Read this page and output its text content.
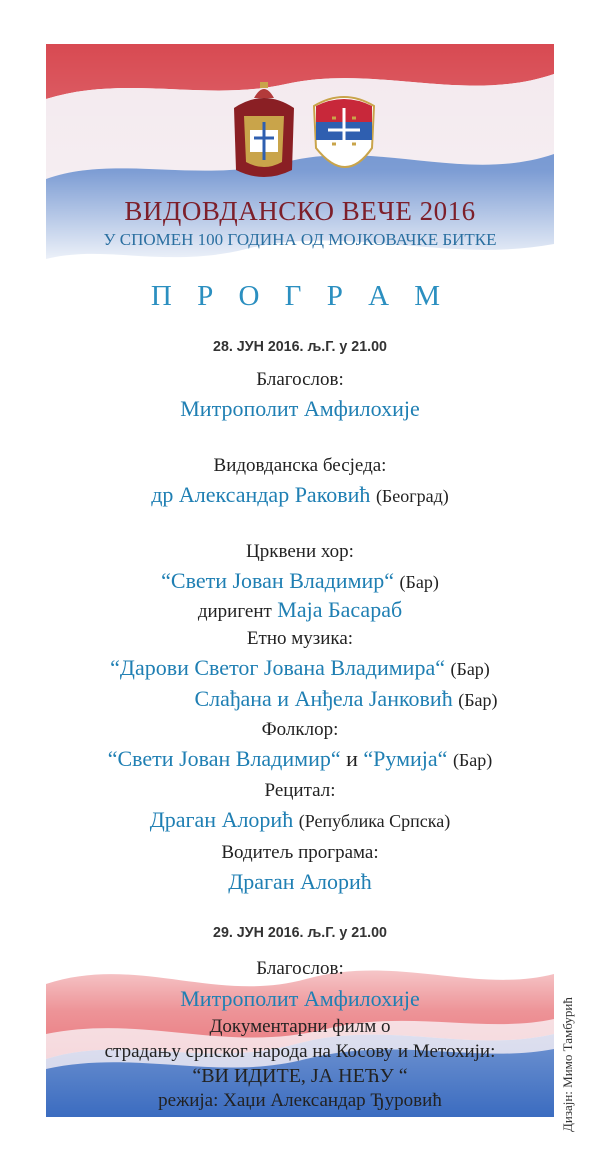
ВИДОВДАНСКО ВЕЧЕ 2016
У СПОМЕН 100 ГОДИНА ОД МОЈКОВАЧКЕ БИТКЕ
П Р О Г Р А М
28. ЈУН 2016. љ.Г. у 21.00
Благослов:
Митрополит Амфилохије
Видовданска бесједа:
др Александар Раковић (Београд)
Црквени хор:
“Свети Јован Владимир“ (Бар)
диригент Маја Басараб
Етно музика:
“Дарови Светог Јована Владимира“ (Бар)
Слађана и Анђела Јанковић (Бар)
Фолклор:
“Свети Јован Владимир“ и “Румија“ (Бар)
Рецитал:
Драган Алорић (Република Српска)
Водитељ програма:
Драган Алорић
29. ЈУН 2016. љ.Г. у 21.00
Благослов:
Митрополит Амфилохије
Документарни филм о
страдању српског народа на Косову и Метохији:
“ВИ ИДИТЕ, ЈА НЕЋУ “
режија: Хаџи Александар Ђуровић	Дизајн: Мимо Тамбурић
